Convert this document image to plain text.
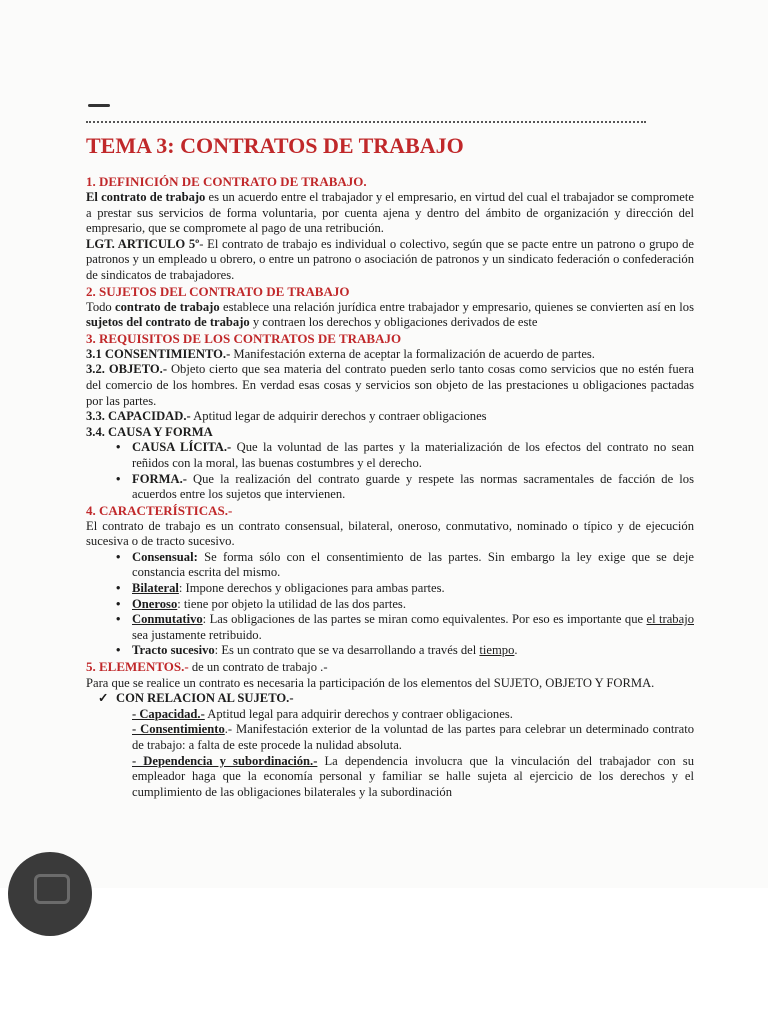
TEMA 3: CONTRATOS DE TRABAJO
1. DEFINICIÓN DE CONTRATO DE TRABAJO.

El contrato de trabajo es un acuerdo entre el trabajador y el empresario, en virtud del cual el trabajador se compromete a prestar sus servicios de forma voluntaria, por cuenta ajena y dentro del ámbito de organización y dirección del empresario, que se compromete al pago de una retribución.

LGT. ARTICULO 5º- El contrato de trabajo es individual o colectivo, según que se pacte entre un patrono o grupo de patronos y un empleado u obrero, o entre un patrono o asociación de patronos y un sindicato federación o confederación de sindicatos de trabajadores.

2. SUJETOS DEL CONTRATO DE TRABAJO

Todo contrato de trabajo establece una relación jurídica entre trabajador y empresario, quienes se convierten así en los sujetos del contrato de trabajo y contraen los derechos y obligaciones derivados de este

3. REQUISITOS DE LOS CONTRATOS DE TRABAJO

3.1 CONSENTIMIENTO.- Manifestación externa de aceptar la formalización de acuerdo de partes.

3.2. OBJETO.- Objeto cierto que sea materia del contrato pueden serlo tanto cosas como servicios que no estén fuera del comercio de los hombres. En verdad esas cosas y servicios son objeto de las prestaciones u obligaciones pactadas por las partes.

3.3. CAPACIDAD.- Aptitud legar de adquirir derechos y contraer obligaciones

3.4. CAUSA Y FORMA

• CAUSA LÍCITA.- Que la voluntad de las partes y la materialización de los efectos del contrato no sean reñidos con la moral, las buenas costumbres y el derecho.
• FORMA.- Que la realización del contrato guarde y respete las normas sacramentales de facción de los acuerdos entre los sujetos que intervienen.
4. CARACTERÍSTICAS.-

El contrato de trabajo es un contrato consensual, bilateral, oneroso, conmutativo, nominado o típico y de ejecución sucesiva o de tracto sucesivo.

• Consensual: Se forma sólo con el consentimiento de las partes. Sin embargo la ley exige que se deje constancia escrita del mismo.
• Bilateral: Impone derechos y obligaciones para ambas partes.
• Oneroso: tiene por objeto la utilidad de las dos partes.
• Conmutativo: Las obligaciones de las partes se miran como equivalentes. Por eso es importante que el trabajo sea justamente retribuido.
• Tracto sucesivo: Es un contrato que se va desarrollando a través del tiempo.
5. ELEMENTOS.- de un contrato de trabajo .-

Para que se realice un contrato es necesaria la participación de los elementos del SUJETO, OBJETO Y FORMA.

✓ CON RELACION AL SUJETO.-

- Capacidad.- Aptitud legal para adquirir derechos y contraer obligaciones.

- Consentimiento.- Manifestación exterior de la voluntad de las partes para celebrar un determinado contrato de trabajo: a falta de este procede la nulidad absoluta.

- Dependencia y subordinación.- La dependencia involucra que la vinculación del trabajador con su empleador haga que la economía personal y familiar se halle sujeta al ejercicio de los derechos y el cumplimiento de las obligaciones bilaterales y la subordinación
